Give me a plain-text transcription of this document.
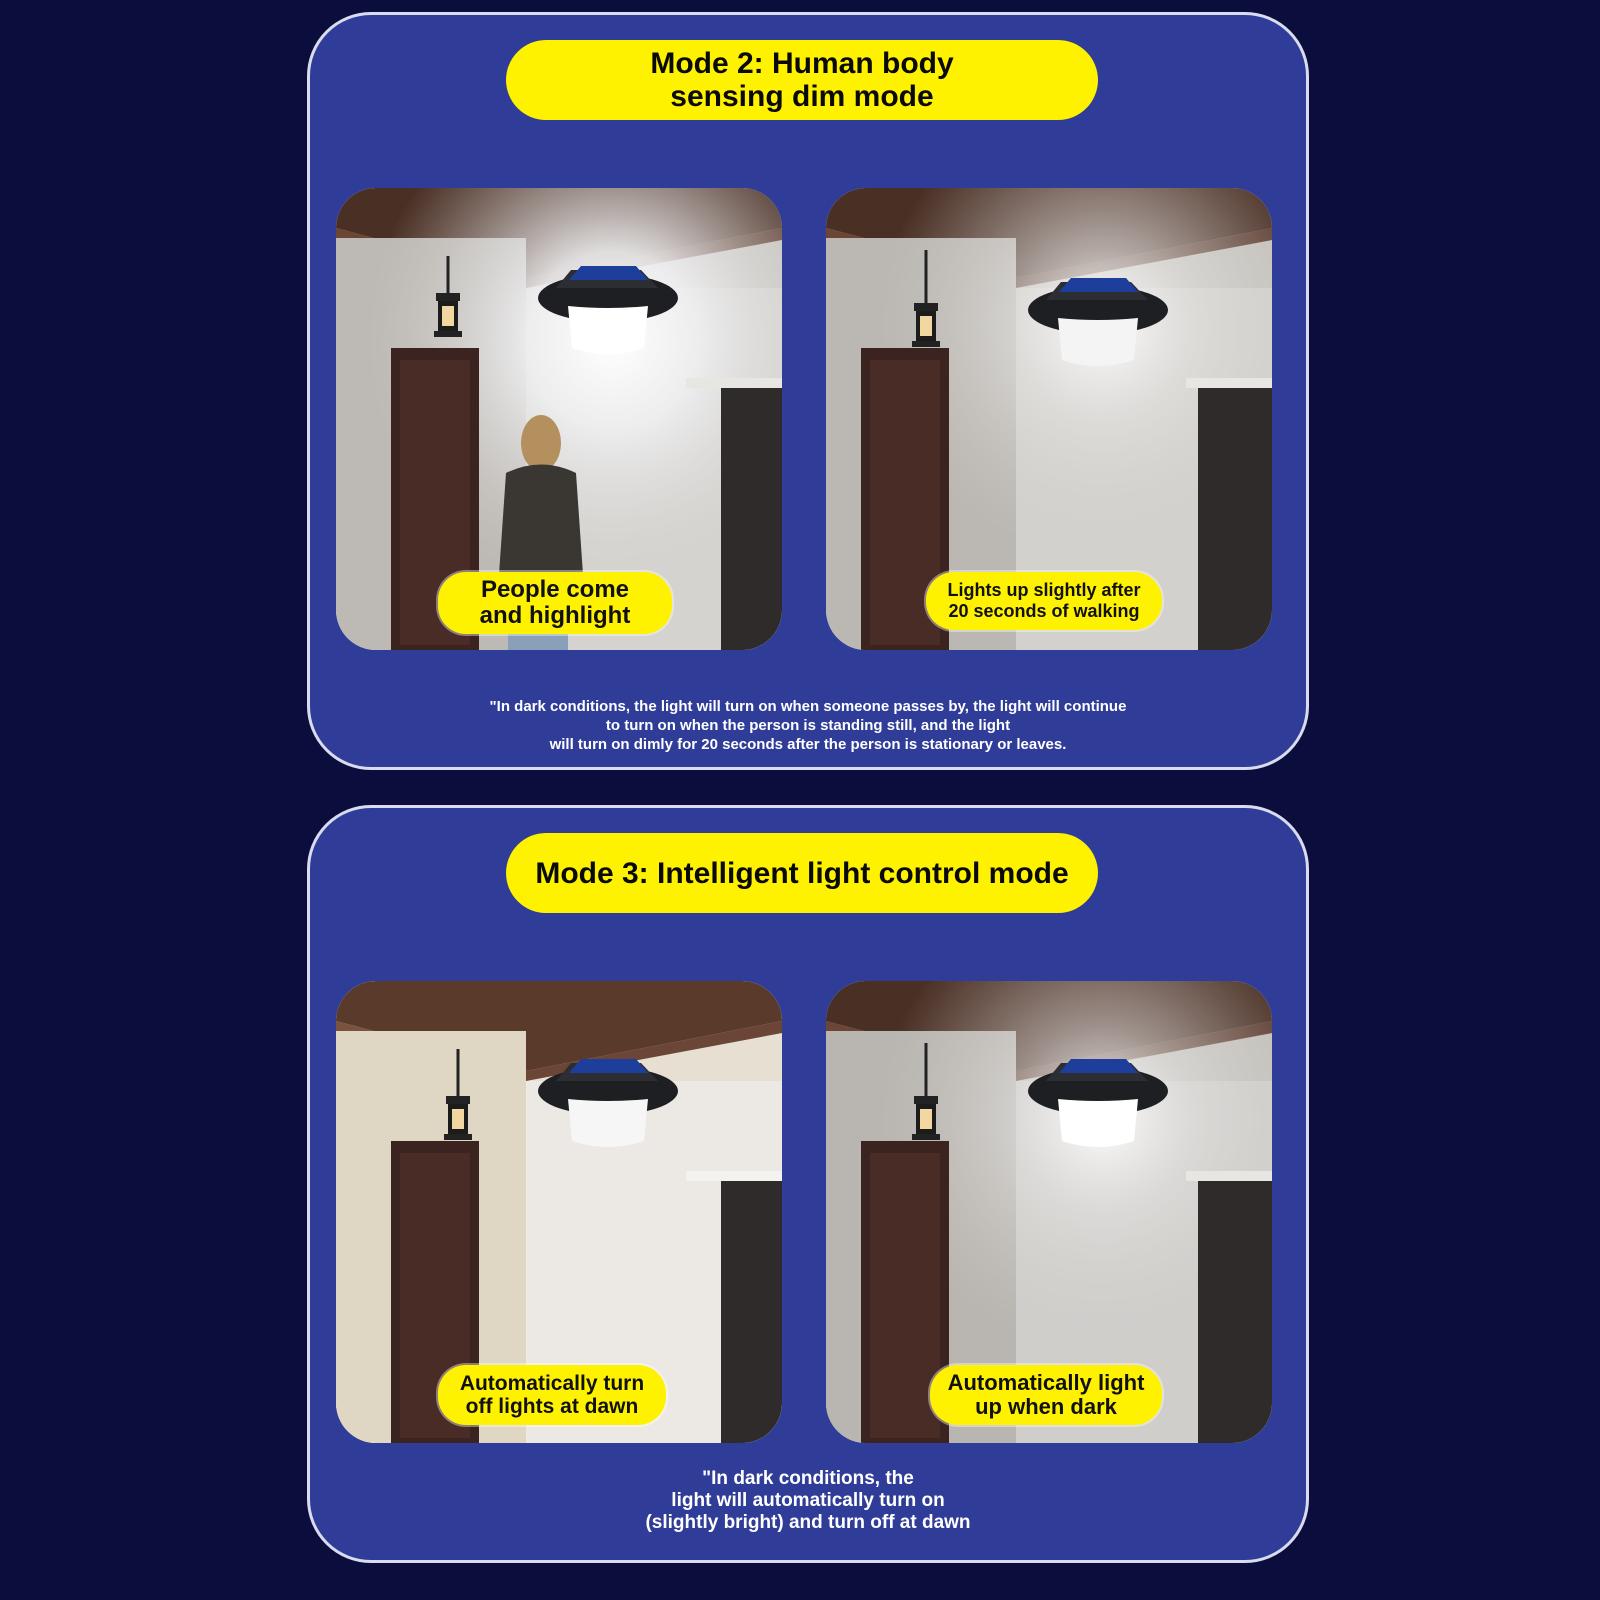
Mode 2: Human body
sensing dim mode
People come
and highlight
Lights up slightly after
20 seconds of walking
"In dark conditions, the light will turn on when someone passes by, the light will continue
to turn on when the person is standing still, and the light
will turn on dimly for 20 seconds after the person is stationary or leaves.
Mode 3: Intelligent light control mode
Automatically turn
off lights at dawn
Automatically light
up when dark
"In dark conditions, the
light will automatically turn on
(slightly bright) and turn off at dawn
